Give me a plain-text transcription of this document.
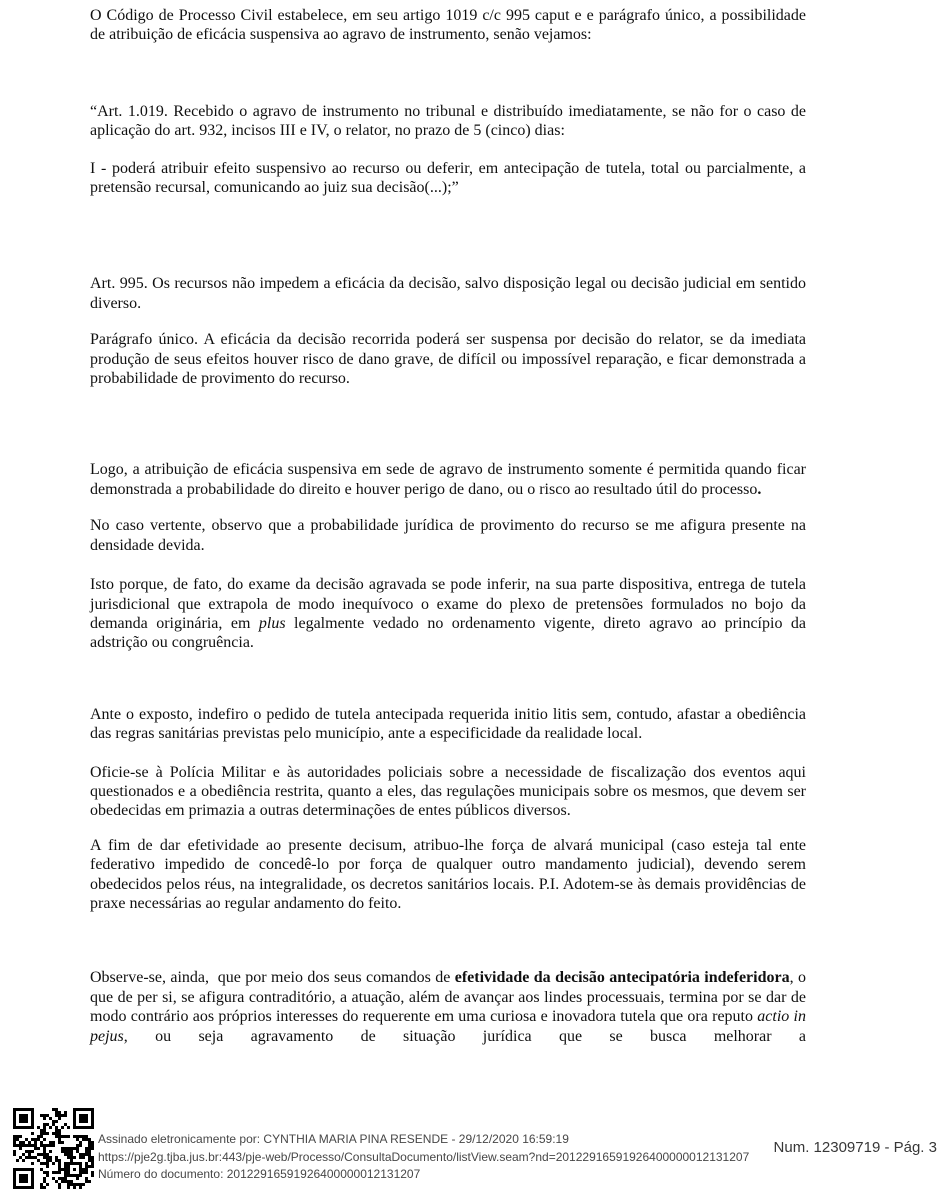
O Código de Processo Civil estabelece, em seu artigo 1019 c/c 995 caput e e parágrafo único, a possibilidade de atribuição de eficácia suspensiva ao agravo de instrumento, senão vejamos:

“Art. 1.019. Recebido o agravo de instrumento no tribunal e distribuído imediatamente, se não for o caso de aplicação do art. 932, incisos III e IV, o relator, no prazo de 5 (cinco) dias:

I - poderá atribuir efeito suspensivo ao recurso ou deferir, em antecipação de tutela, total ou parcialmente, a pretensão recursal, comunicando ao juiz sua decisão(...);”

Art. 995. Os recursos não impedem a eficácia da decisão, salvo disposição legal ou decisão judicial em sentido diverso.

Parágrafo único. A eficácia da decisão recorrida poderá ser suspensa por decisão do relator, se da imediata produção de seus efeitos houver risco de dano grave, de difícil ou impossível reparação, e ficar demonstrada a probabilidade de provimento do recurso.

Logo, a atribuição de eficácia suspensiva em sede de agravo de instrumento somente é permitida quando ficar demonstrada a probabilidade do direito e houver perigo de dano, ou o risco ao resultado útil do processo.

No caso vertente, observo que a probabilidade jurídica de provimento do recurso se me afigura presente na densidade devida.

Isto porque, de fato, do exame da decisão agravada se pode inferir, na sua parte dispositiva, entrega de tutela jurisdicional que extrapola de modo inequívoco o exame do plexo de pretensões formulados no bojo da demanda originária, em plus legalmente vedado no ordenamento vigente, direto agravo ao princípio da adstrição ou congruência.

Ante o exposto, indefiro o pedido de tutela antecipada requerida initio litis sem, contudo, afastar a obediência das regras sanitárias previstas pelo município, ante a especificidade da realidade local.

Oficie-se à Polícia Militar e às autoridades policiais sobre a necessidade de fiscalização dos eventos aqui questionados e a obediência restrita, quanto a eles, das regulações municipais sobre os mesmos, que devem ser obedecidas em primazia a outras determinações de entes públicos diversos.

A fim de dar efetividade ao presente decisum, atribuo-lhe força de alvará municipal (caso esteja tal ente federativo impedido de concedê-lo por força de qualquer outro mandamento judicial), devendo serem obedecidos pelos réus, na integralidade, os decretos sanitários locais. P.I. Adotem-se às demais providências de praxe necessárias ao regular andamento do feito.

Observe-se, ainda,  que por meio dos seus comandos de efetividade da decisão antecipatória indeferidora, o que de per si, se afigura contraditório, a atuação, além de avançar aos lindes processuais, termina por se dar de modo contrário aos próprios interesses do requerente em uma curiosa e inovadora tutela que ora reputo actio in pejus, ou seja agravamento de situação jurídica que se busca melhorar a

Assinado eletronicamente por: CYNTHIA MARIA PINA RESENDE - 29/12/2020 16:59:19
https://pje2g.tjba.jus.br:443/pje-web/Processo/ConsultaDocumento/listView.seam?nd=20122916591926400000012131207
Número do documento: 20122916591926400000012131207
Num. 12309719 - Pág. 3
